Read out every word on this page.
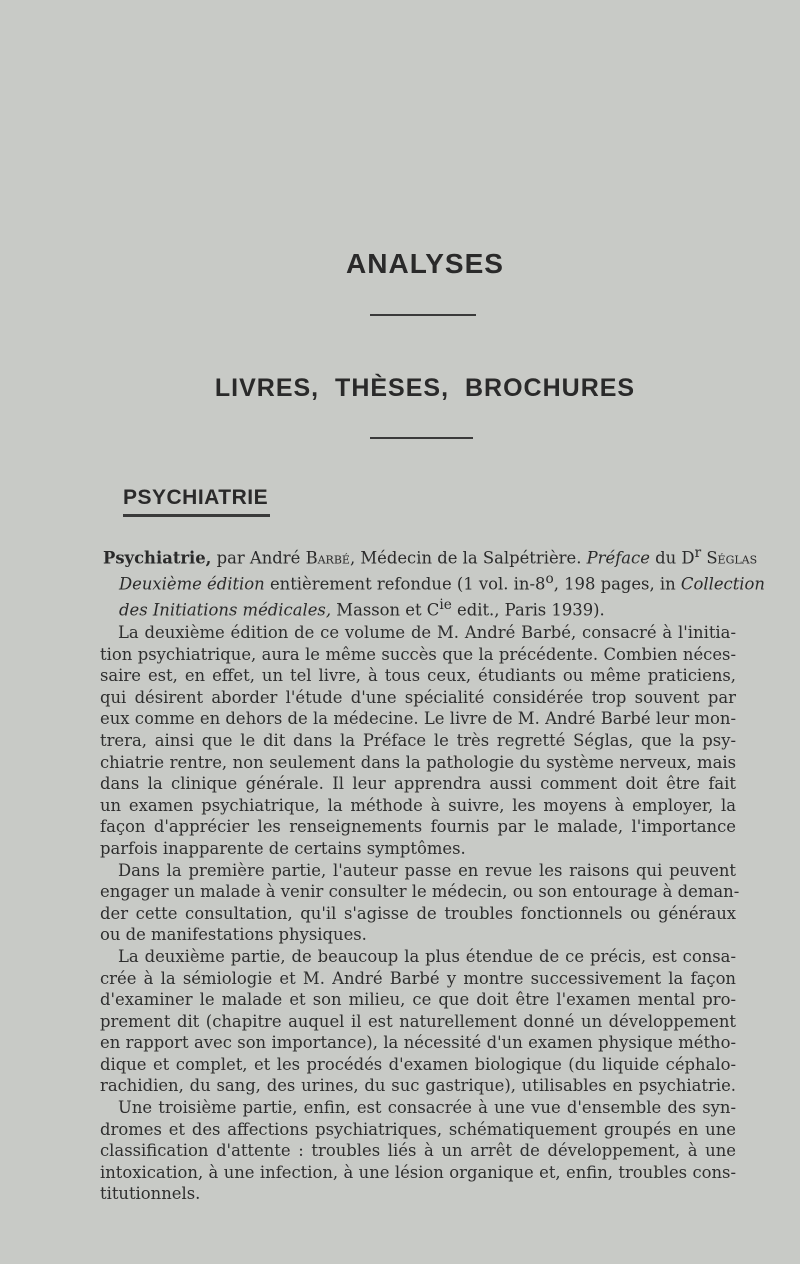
ANALYSES
LIVRES, THÈSES, BROCHURES
PSYCHIATRIE
Psychiatrie, par André Barbé, Médecin de la Salpétrière. Préface du $D^r$ Séglas
Deuxième édition entièrement refondue (1 vol. in-8$^o$, 198 pages, in Collection
des Initiations médicales, Masson et $C^{ie}$ edit., Paris 1939).
La deuxième édition de ce volume de M. André Barbé, consacré à l'initia-
tion psychiatrique, aura le même succès que la précédente. Combien néces-
saire est, en effet, un tel livre, à tous ceux, étudiants ou même praticiens,
qui désirent aborder l'étude d'une spécialité considérée trop souvent par
eux comme en dehors de la médecine. Le livre de M. André Barbé leur mon-
trera, ainsi que le dit dans la Préface le très regretté Séglas, que la psy-
chiatrie rentre, non seulement dans la pathologie du système nerveux, mais
dans la clinique générale. Il leur apprendra aussi comment doit être fait
un examen psychiatrique, la méthode à suivre, les moyens à employer, la
façon d'apprécier les renseignements fournis par le malade, l'importance
parfois inapparente de certains symptômes.
Dans la première partie, l'auteur passe en revue les raisons qui peuvent
engager un malade à venir consulter le médecin, ou son entourage à deman-
der cette consultation, qu'il s'agisse de troubles fonctionnels ou généraux
ou de manifestations physiques.
La deuxième partie, de beaucoup la plus étendue de ce précis, est consa-
crée à la sémiologie et M. André Barbé y montre successivement la façon
d'examiner le malade et son milieu, ce que doit être l'examen mental pro-
prement dit (chapitre auquel il est naturellement donné un développement
en rapport avec son importance), la nécessité d'un examen physique métho-
dique et complet, et les procédés d'examen biologique (du liquide céphalo-
rachidien, du sang, des urines, du suc gastrique), utilisables en psychiatrie.
Une troisième partie, enfin, est consacrée à une vue d'ensemble des syn-
dromes et des affections psychiatriques, schématiquement groupés en une
classification d'attente : troubles liés à un arrêt de développement, à une
intoxication, à une infection, à une lésion organique et, enfin, troubles cons-
titutionnels.
